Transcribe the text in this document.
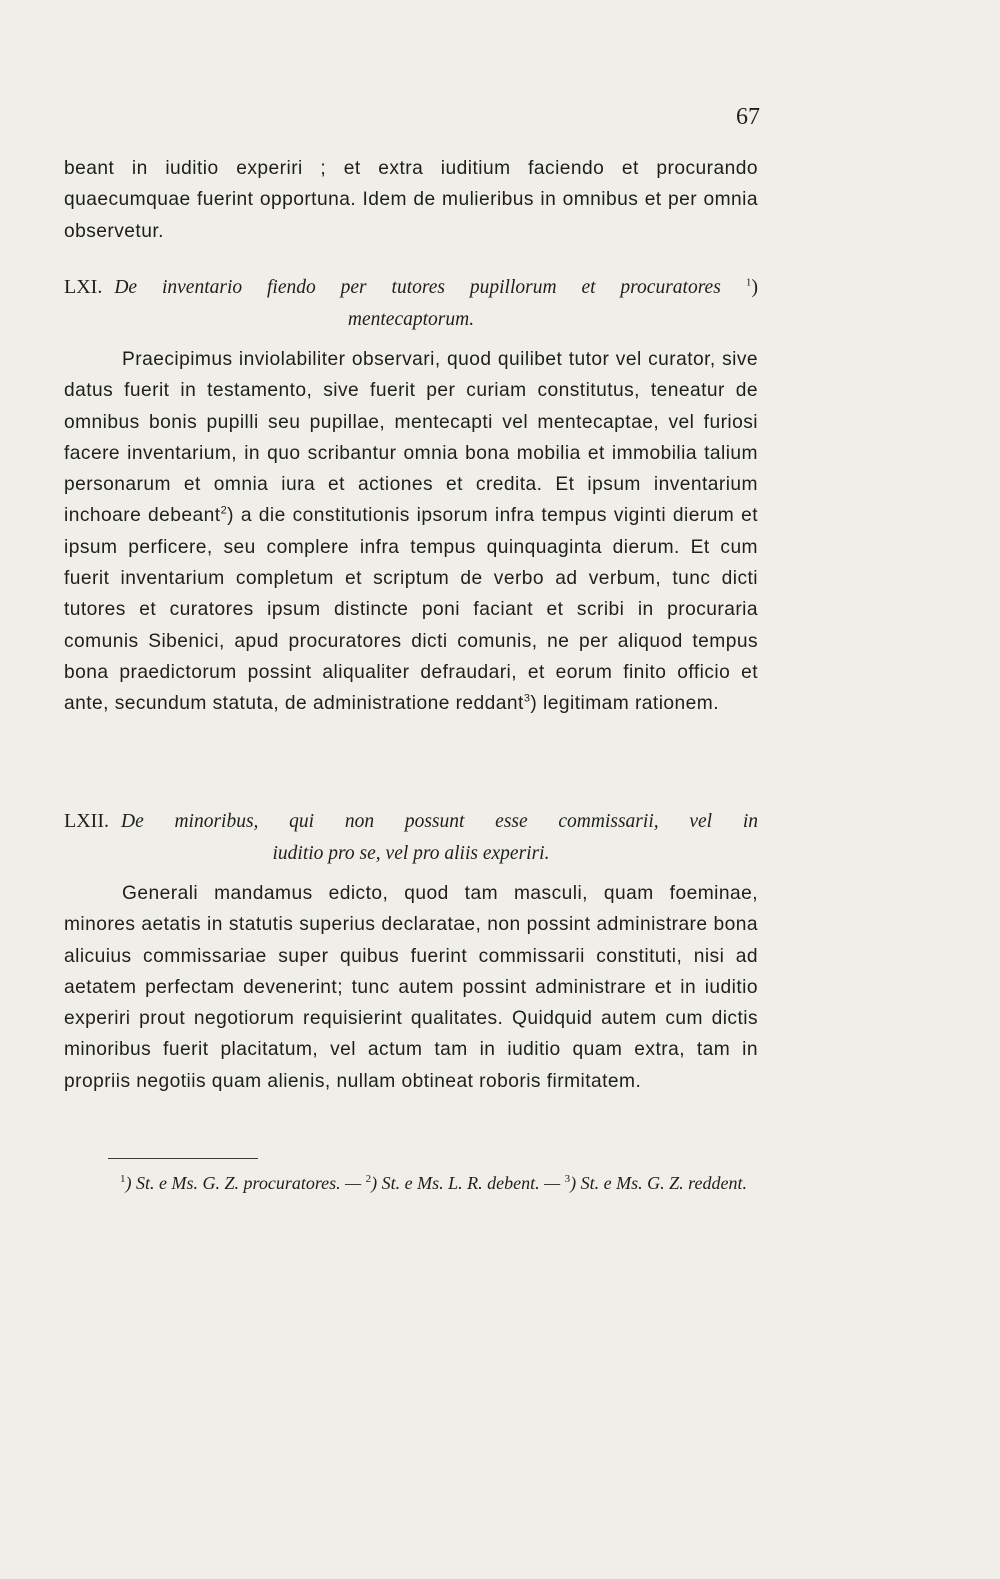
67

beant in iuditio experiri ; et extra iuditium faciendo et procurando quaecumquae fuerint opportuna. Idem de mulieribus in omnibus et per omnia observetur.

LXI. De inventario fiendo per tutores pupillorum et procuratores $^1$)
mentecaptorum.

Praecipimus inviolabiliter observari, quod quilibet tutor vel curator, sive datus fuerit in testamento, sive fuerit per curiam constitutus, teneatur de omnibus bonis pupilli seu pupillae, mentecapti vel mentecaptae, vel furiosi facere inventarium, in quo scribantur omnia bona mobilia et immobilia talium personarum et omnia iura et actiones et credita. Et ipsum inventarium inchoare debeant$^2$) a die constitutionis ipsorum infra tempus viginti dierum et ipsum perficere, seu complere infra tempus quinquaginta dierum. Et cum fuerit inventarium completum et scriptum de verbo ad verbum, tunc dicti tutores et curatores ipsum distincte poni faciant et scribi in procuraria comunis Sibenici, apud procuratores dicti comunis, ne per aliquod tempus bona praedictorum possint aliqualiter defraudari, et eorum finito officio et ante, secundum statuta, de administratione reddant$^3$) legitimam rationem.

LXII. De minoribus, qui non possunt esse commissarii, vel in
iuditio pro se, vel pro aliis experiri.

Generali mandamus edicto, quod tam masculi, quam foeminae, minores aetatis in statutis superius declaratae, non possint administrare bona alicuius commissariae super quibus fuerint commissarii constituti, nisi ad aetatem perfectam devenerint; tunc autem possint administrare et in iuditio experiri prout negotiorum requisierint qualitates. Quidquid autem cum dictis minoribus fuerit placitatum, vel actum tam in iuditio quam extra, tam in propriis negotiis quam alienis, nullam obtineat roboris firmitatem.

$^1$) St. e Ms. G. Z. procuratores. — $^2$) St. e Ms. L. R. debent. — $^3$) St. e Ms. G. Z. reddent.
